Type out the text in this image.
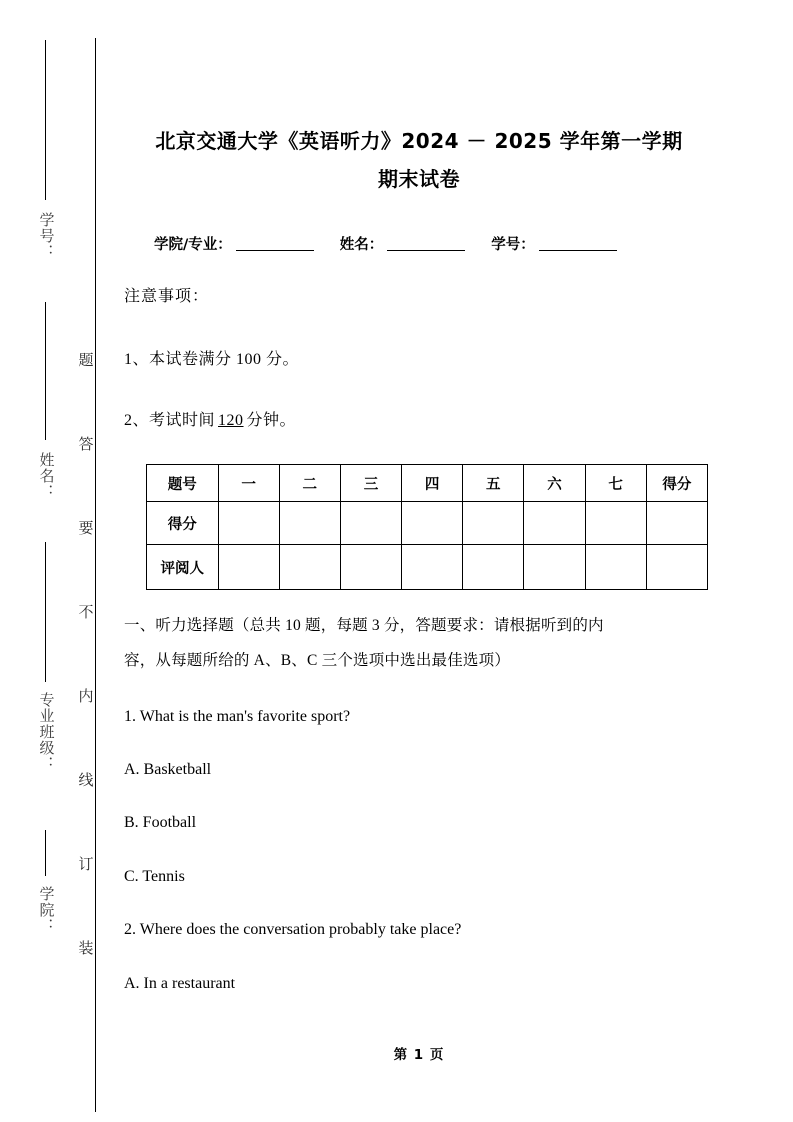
学号：
姓名：
专业班级：
学院：
题
答
要
不
内
线
订
装
北京交通大学《英语听力》2024 － 2025 学年第一学期
期末试卷
学院/专业：	姓名：	学号：
注意事项：
1、本试卷满分 100 分。
2、考试时间 120 分钟。
题号	一	二	三	四	五	六	七	得分
得分								
评阅人								
一、听力选择题（总共 10 题，每题 3 分，答题要求：请根据听到的内
容，从每题所给的 A、B、C 三个选项中选出最佳选项）
1. What is the man's favorite sport?
A. Basketball
B. Football
C. Tennis
2. Where does the conversation probably take place?
A. In a restaurant
第 1 页
